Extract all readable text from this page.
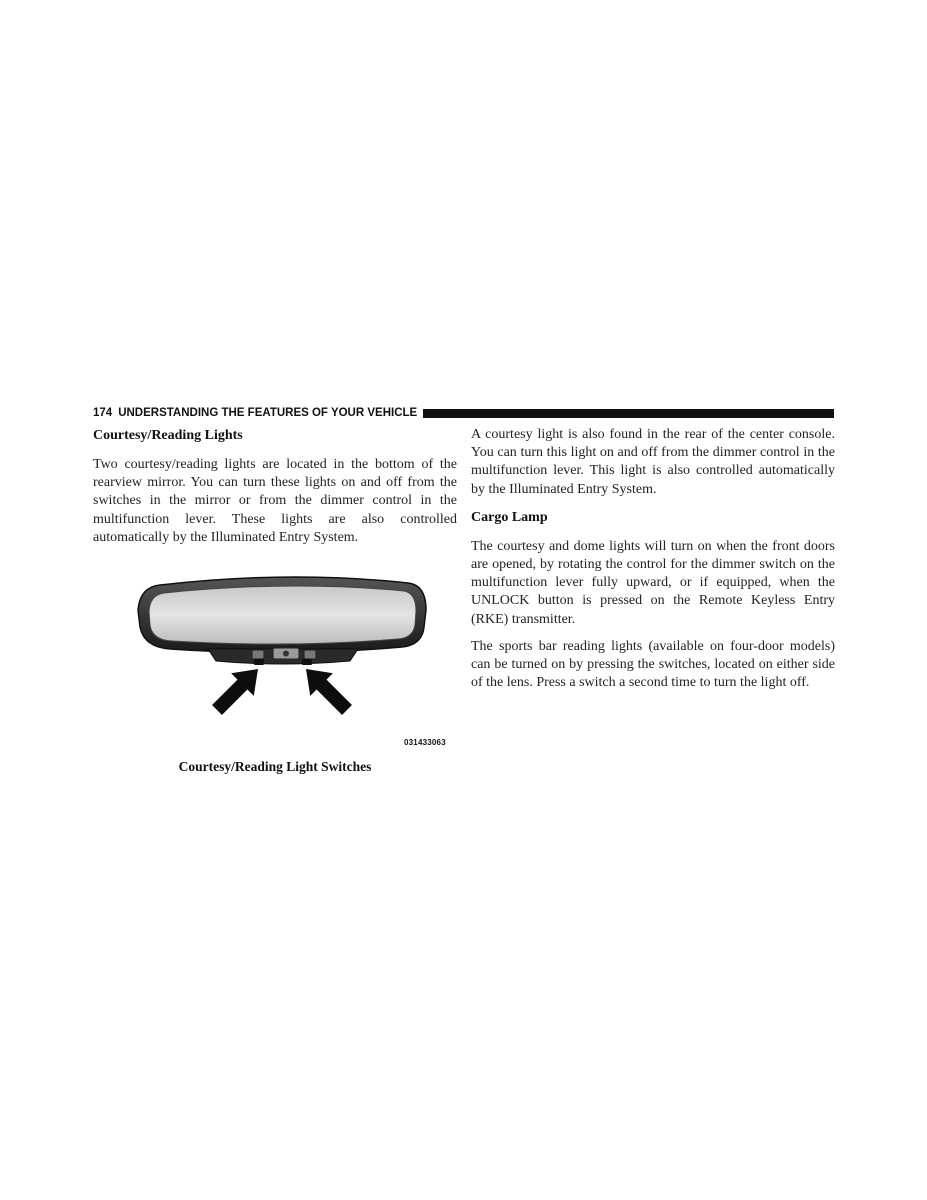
174 UNDERSTANDING THE FEATURES OF YOUR VEHICLE
Courtesy/Reading Lights

Two courtesy/reading lights are located in the bottom of the rearview mirror. You can turn these lights on and off from the switches in the mirror or from the dimmer control in the multifunction lever. These lights are also controlled automatically by the Illuminated Entry System.

031433063
Courtesy/Reading Light Switches

A courtesy light is also found in the rear of the center console. You can turn this light on and off from the dimmer control in the multifunction lever. This light is also controlled automatically by the Illuminated Entry System.

Cargo Lamp

The courtesy and dome lights will turn on when the front doors are opened, by rotating the control for the dimmer switch on the multifunction lever fully upward, or if equipped, when the UNLOCK button is pressed on the Remote Keyless Entry (RKE) transmitter.

The sports bar reading lights (available on four-door models) can be turned on by pressing the switches, located on either side of the lens. Press a switch a second time to turn the light off.
